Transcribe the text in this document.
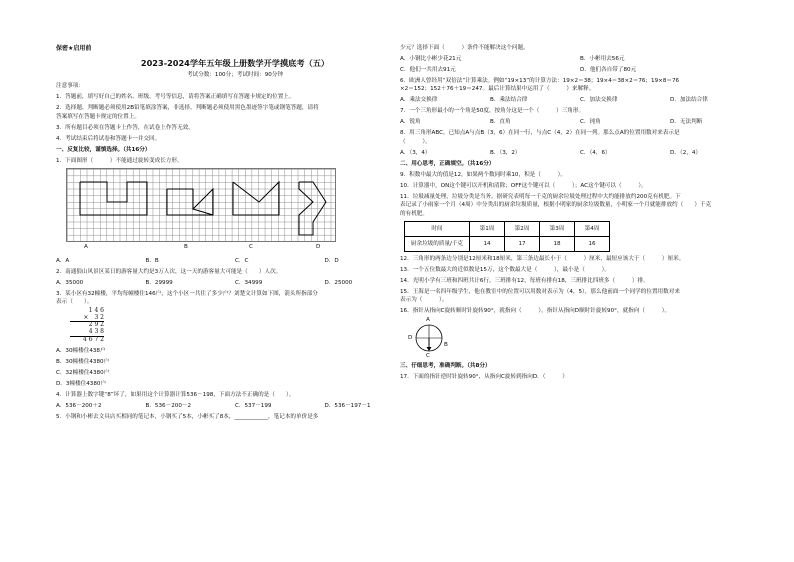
保密★启用前

2023-2024学年五年级上册数学开学摸底考（五）

考试分数：100分；考试时间：90分钟

注意事项：

1．答题前，填写好自己的姓名、班级、考号等信息，请将答案正确填写在答题卡规定的位置上。

2．选择题、判断题必须使用2B铅笔填涂答案，非选择、判断题必须使用黑色墨迹签字笔或钢笔答题，请将

答案填写在答题卡规定的位置上。

3．所有题目必须在答题卡上作答，在试卷上作答无效。

4．考试结束后将试卷和答题卡一并交回。

一、反复比较，谨慎选择。（共16分）

1．下面图形（　　　）不能通过旋转变成长方形。

A	B	C	D
A．A	B．B	C．C	D．D

2．南通狼山风景区某日的游客量大约是3万人次，这一天的游客量大可能是（　　）人次。

A．35000	B．29999	C．34999	D．25000

3．某小区有32幢楼，平均每幢楼住146户，这个小区一共住了多少户？刘楚文计算如下图，箭头所指部分

表示（　　）。

1 4 6
×　3 2
2 9 2
4 3 8
4 6 7 2

A．30幢楼住438户

B．30幢楼住4380户

C．32幢楼住4380户

D．3幢楼住4380户

4．计算器上数字键“8”坏了，如果用这个计算器计算536－198，下面方法不正确的是（　　）。

A．536－200＋2	B．536－200－2	C．537－199	D．536－197－1

5．小钢和小彬去文具店买相同的笔记本，小钢买了5本，小彬买了8本，____________，笔记本的单价是多

少元？选择下面（　　　）条件不能解决这个问题。

A．小钢比小彬少花21元	B．小彬用去56元
C．他们一共用去91元	D．他们各自带了80元

6．欧洲人曾经用“双倍法”计算乘法。例如“19×13”的计算方法：19×2＝38；19×4＝38×2＝76；19×8＝76

×2＝152；152＋76＋19＝247。最后计算结果中运用了（　　　）来解释。

A．乘法交换律	B．乘法结合律	C．加法交换律	D．加法结合律

7．一个三角形最小的一个角是50度，按角分这是一个（　　　）三角形。

A．锐角	B．直角	C．钝角	D．无法判断

8．用三角形ABC，已知点A与点B（3，6）在同一行，与点C（4，2）在同一列。那么点A的位置用数对来表示是

（　　　）。

A．（3，4）	B．（3，2）	C．（4，6）	D．（2，4）

二、用心思考，正确填空。（共16分）

9．积数中最大的值是12，如果两个数同时乘10，积是（　　　）。

10．计算器中，ON这个键可以开机和清除；OFF这个键可以（　　　）；AC这个键可以（　　　）。

11．垃圾减量处理，垃圾分类是当务。据研究表明每一千克的厨余垃圾处理过程中大约能排放约200克有机肥。下

表记录了小雨家一个月（4周）中分类出的厨余垃圾质量，根据小明家的厨余垃圾数量，小明家一个月就能排放约（　　）千克

的有机肥。

时间	第1周	第2周	第3周	第4周
厨余垃圾的质量/千克	14	17	18	16

12．三角形的两条边分别是12厘米和18厘米，第三条边最长小于（　　　）厘米，最短应该大于（　　　）厘米。

13．一个五位数最大的近似数是15万，这个数最大是（　　　），最小是（　　　）。

14．光明小学有三班和四班共计6行，三班排有12，每班有排有18，三班排比四班多（　　　）排。

15．王海是一名四年级学生，他在教室中的位置可以用数对表示为（4，5），那么他前面一个同学的位置用数对来

表示为（　　　）。

16．指针从指向C旋转顺时针旋转90°，就指向（　　　）。指针从指向D顺时针旋转90°，就指向（　　　）。

A
B
C
D

三、仔细思考，准确判断。（共8分）

17．下面的指针逆时针旋转90°，从指向C旋转到指向D．（　　　）
